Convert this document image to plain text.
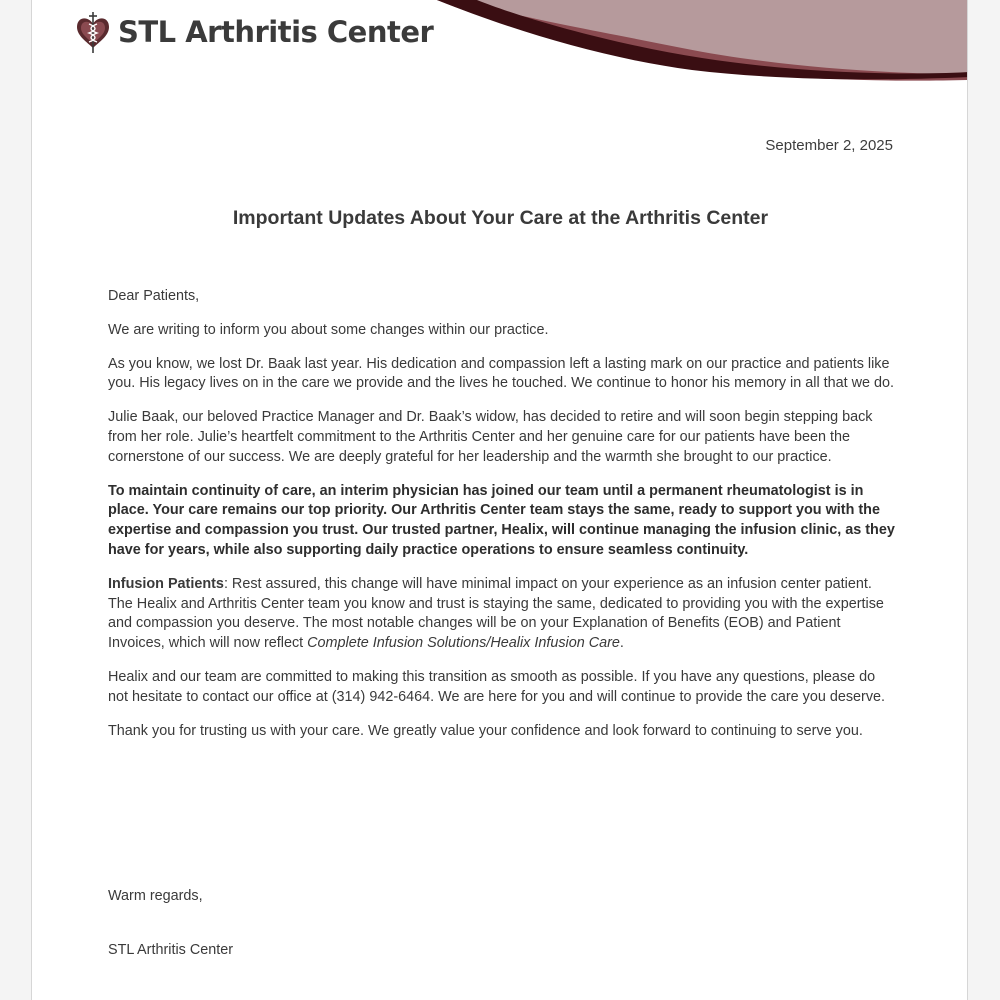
STL Arthritis Center
September 2, 2025
Important Updates About Your Care at the Arthritis Center

Dear Patients,

We are writing to inform you about some changes within our practice.

As you know, we lost Dr. Baak last year. His dedication and compassion left a lasting mark on our practice and patients like you. His legacy lives on in the care we provide and the lives he touched. We continue to honor his memory in all that we do.

Julie Baak, our beloved Practice Manager and Dr. Baak’s widow, has decided to retire and will soon begin stepping back from her role. Julie’s heartfelt commitment to the Arthritis Center and her genuine care for our patients have been the cornerstone of our success. We are deeply grateful for her leadership and the warmth she brought to our practice.

To maintain continuity of care, an interim physician has joined our team until a permanent rheumatologist is in place. Your care remains our top priority. Our Arthritis Center team stays the same, ready to support you with the expertise and compassion you trust. Our trusted partner, Healix, will continue managing the infusion clinic, as they have for years, while also supporting daily practice operations to ensure seamless continuity.

Infusion Patients: Rest assured, this change will have minimal impact on your experience as an infusion center patient. The Healix and Arthritis Center team you know and trust is staying the same, dedicated to providing you with the expertise and compassion you deserve. The most notable changes will be on your Explanation of Benefits (EOB) and Patient Invoices, which will now reflect Complete Infusion Solutions/Healix Infusion Care.

Healix and our team are committed to making this transition as smooth as possible. If you have any questions, please do not hesitate to contact our office at (314) 942-6464. We are here for you and will continue to provide the care you deserve.

Thank you for trusting us with your care. We greatly value your confidence and look forward to continuing to serve you.

Warm regards,
STL Arthritis Center
